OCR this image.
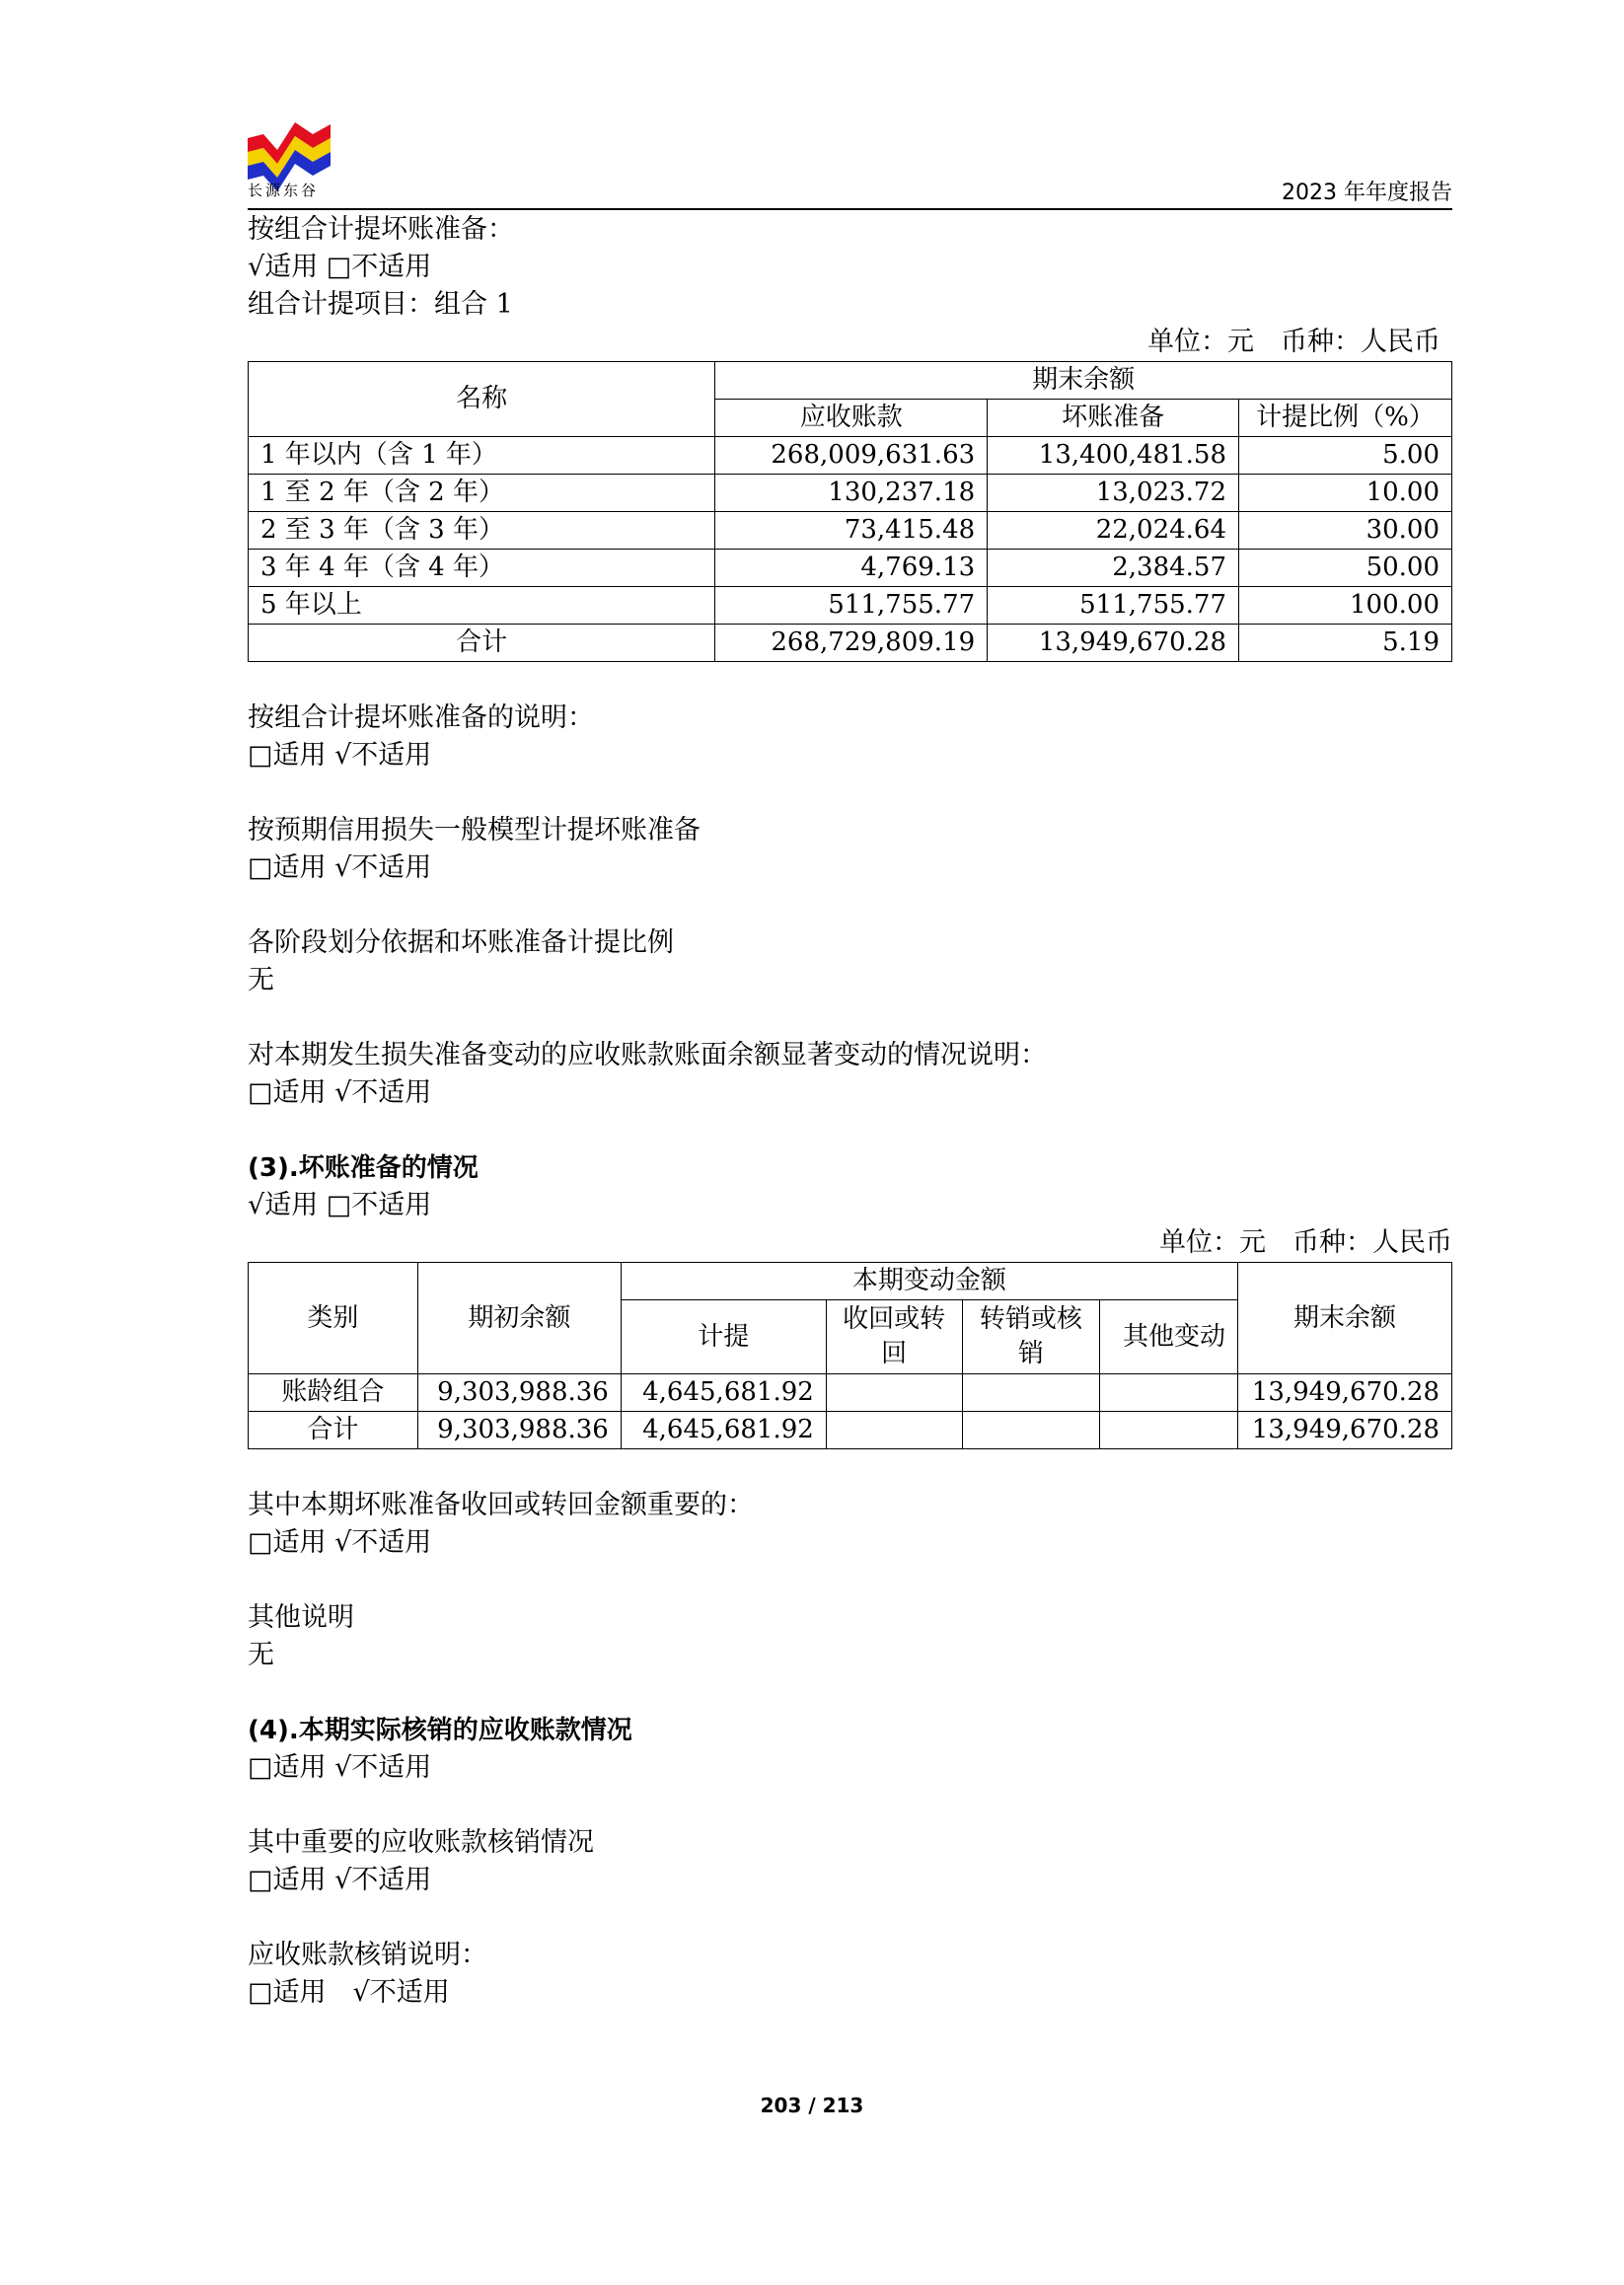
长源东谷	2023 年年度报告
按组合计提坏账准备：
√适用 □不适用
组合计提项目：组合 1
单位：元　币种：人民币
名称	期末余额		
	应收账款	坏账准备	计提比例（%）
1 年以内（含 1 年）	268,009,631.63	13,400,481.58	5.00
1 至 2 年（含 2 年）	130,237.18	13,023.72	10.00
2 至 3 年（含 3 年）	73,415.48	22,024.64	30.00
3 年 4 年（含 4 年）	4,769.13	2,384.57	50.00
5 年以上	511,755.77	511,755.77	100.00
合计	268,729,809.19	13,949,670.28	5.19
按组合计提坏账准备的说明：
□适用 √不适用
按预期信用损失一般模型计提坏账准备
□适用 √不适用
各阶段划分依据和坏账准备计提比例
无
对本期发生损失准备变动的应收账款账面余额显著变动的情况说明：
□适用 √不适用
(3).坏账准备的情况
√适用 □不适用
单位：元　币种：人民币
类别	期初余额	本期变动金额				期末余额
		计提	收回或转回	转销或核销	其他变动	
账龄组合	9,303,988.36	4,645,681.92				13,949,670.28
合计	9,303,988.36	4,645,681.92				13,949,670.28
其中本期坏账准备收回或转回金额重要的：
□适用 √不适用
其他说明
无
(4).本期实际核销的应收账款情况
□适用 √不适用
其中重要的应收账款核销情况
□适用 √不适用
应收账款核销说明：
□适用　√不适用
203 / 213
